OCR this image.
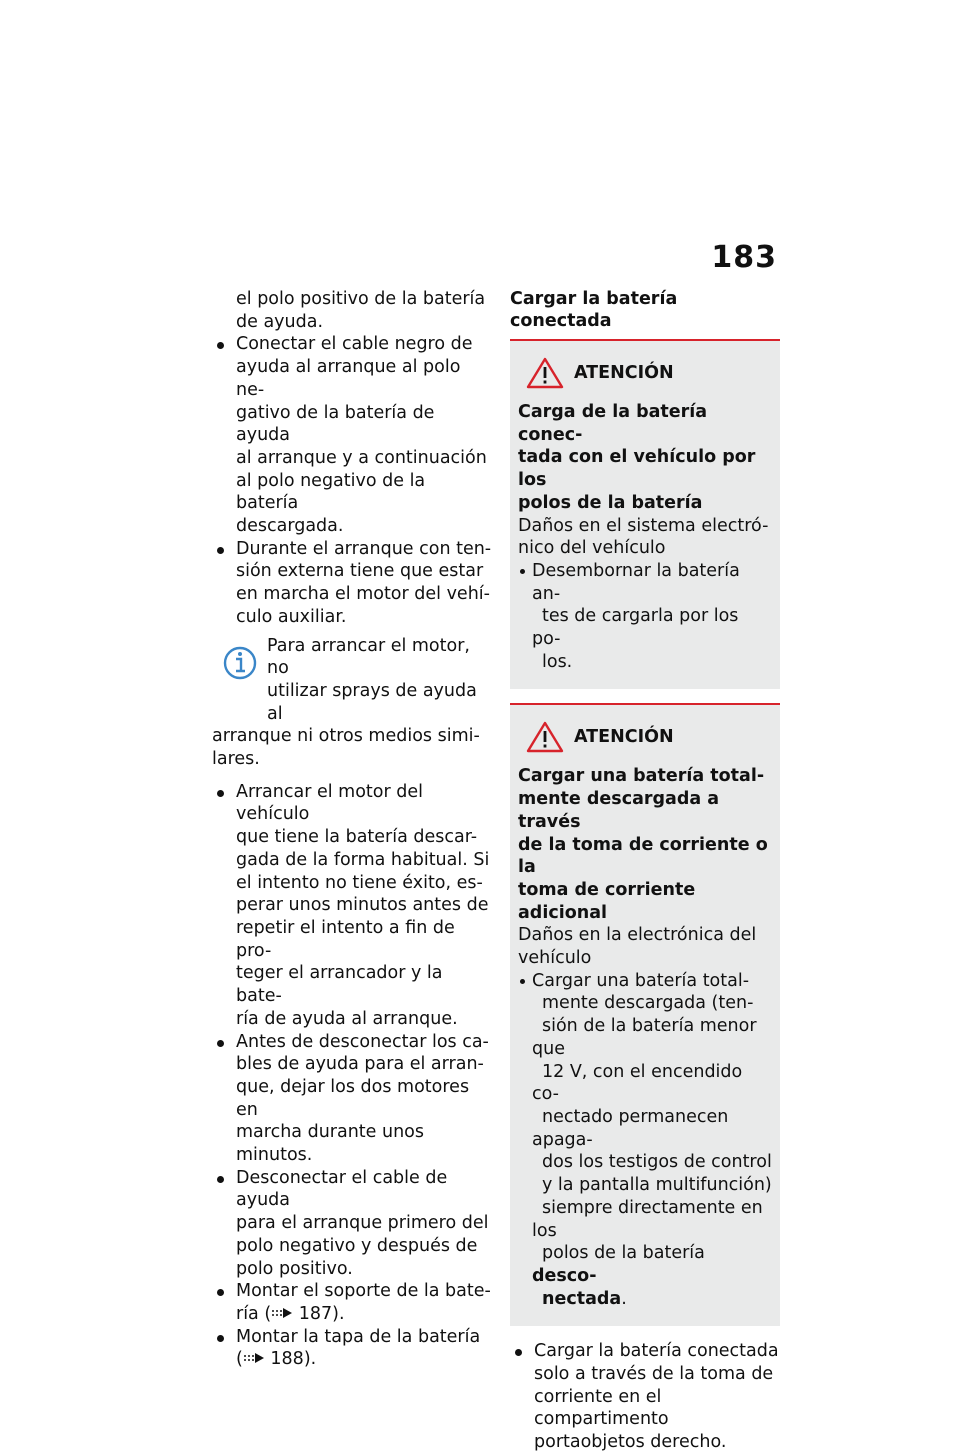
183

el polo positivo de la batería
de ayuda.

Conectar el cable negro de
ayuda al arranque al polo ne-
gativo de la batería de ayuda
al arranque y a continuación
al polo negativo de la batería
descargada.
Durante el arranque con ten-
sión externa tiene que estar
en marcha el motor del vehí-
culo auxiliar.
Para arrancar el motor, no
utilizar sprays de ayuda al
arranque ni otros medios simi-
lares.
Arrancar el motor del vehículo
que tiene la batería descar-
gada de la forma habitual. Si
el intento no tiene éxito, es-
perar unos minutos antes de
repetir el intento a fin de pro-
teger el arrancador y la bate-
ría de ayuda al arranque.
Antes de desconectar los ca-
bles de ayuda para el arran-
que, dejar los dos motores en
marcha durante unos minutos.
Desconectar el cable de ayuda
para el arranque primero del
polo negativo y después de
polo positivo.
Montar el soporte de la bate-
ría ( 187).
Montar la tapa de la batería
( 188).

Cargar la batería conectada

ATENCIÓN

Carga de la batería conec-
tada con el vehículo por los
polos de la batería

Daños en el sistema electró-
nico del vehículo

Desembornar la batería an-
tes de cargarla por los po-
los.
ATENCIÓN

Cargar una batería total-
mente descargada a través
de la toma de corriente o la
toma de corriente adicional

Daños en la electrónica del
vehículo

Cargar una batería total-
mente descargada (ten-
sión de la batería menor que
12 V, con el encendido co-
nectado permanecen apaga-
dos los testigos de control
y la pantalla multifunción)
siempre directamente en los
polos de la batería desco-
nectada.
Cargar la batería conectada
solo a través de la toma de
corriente en el compartimento
portaobjetos derecho.
